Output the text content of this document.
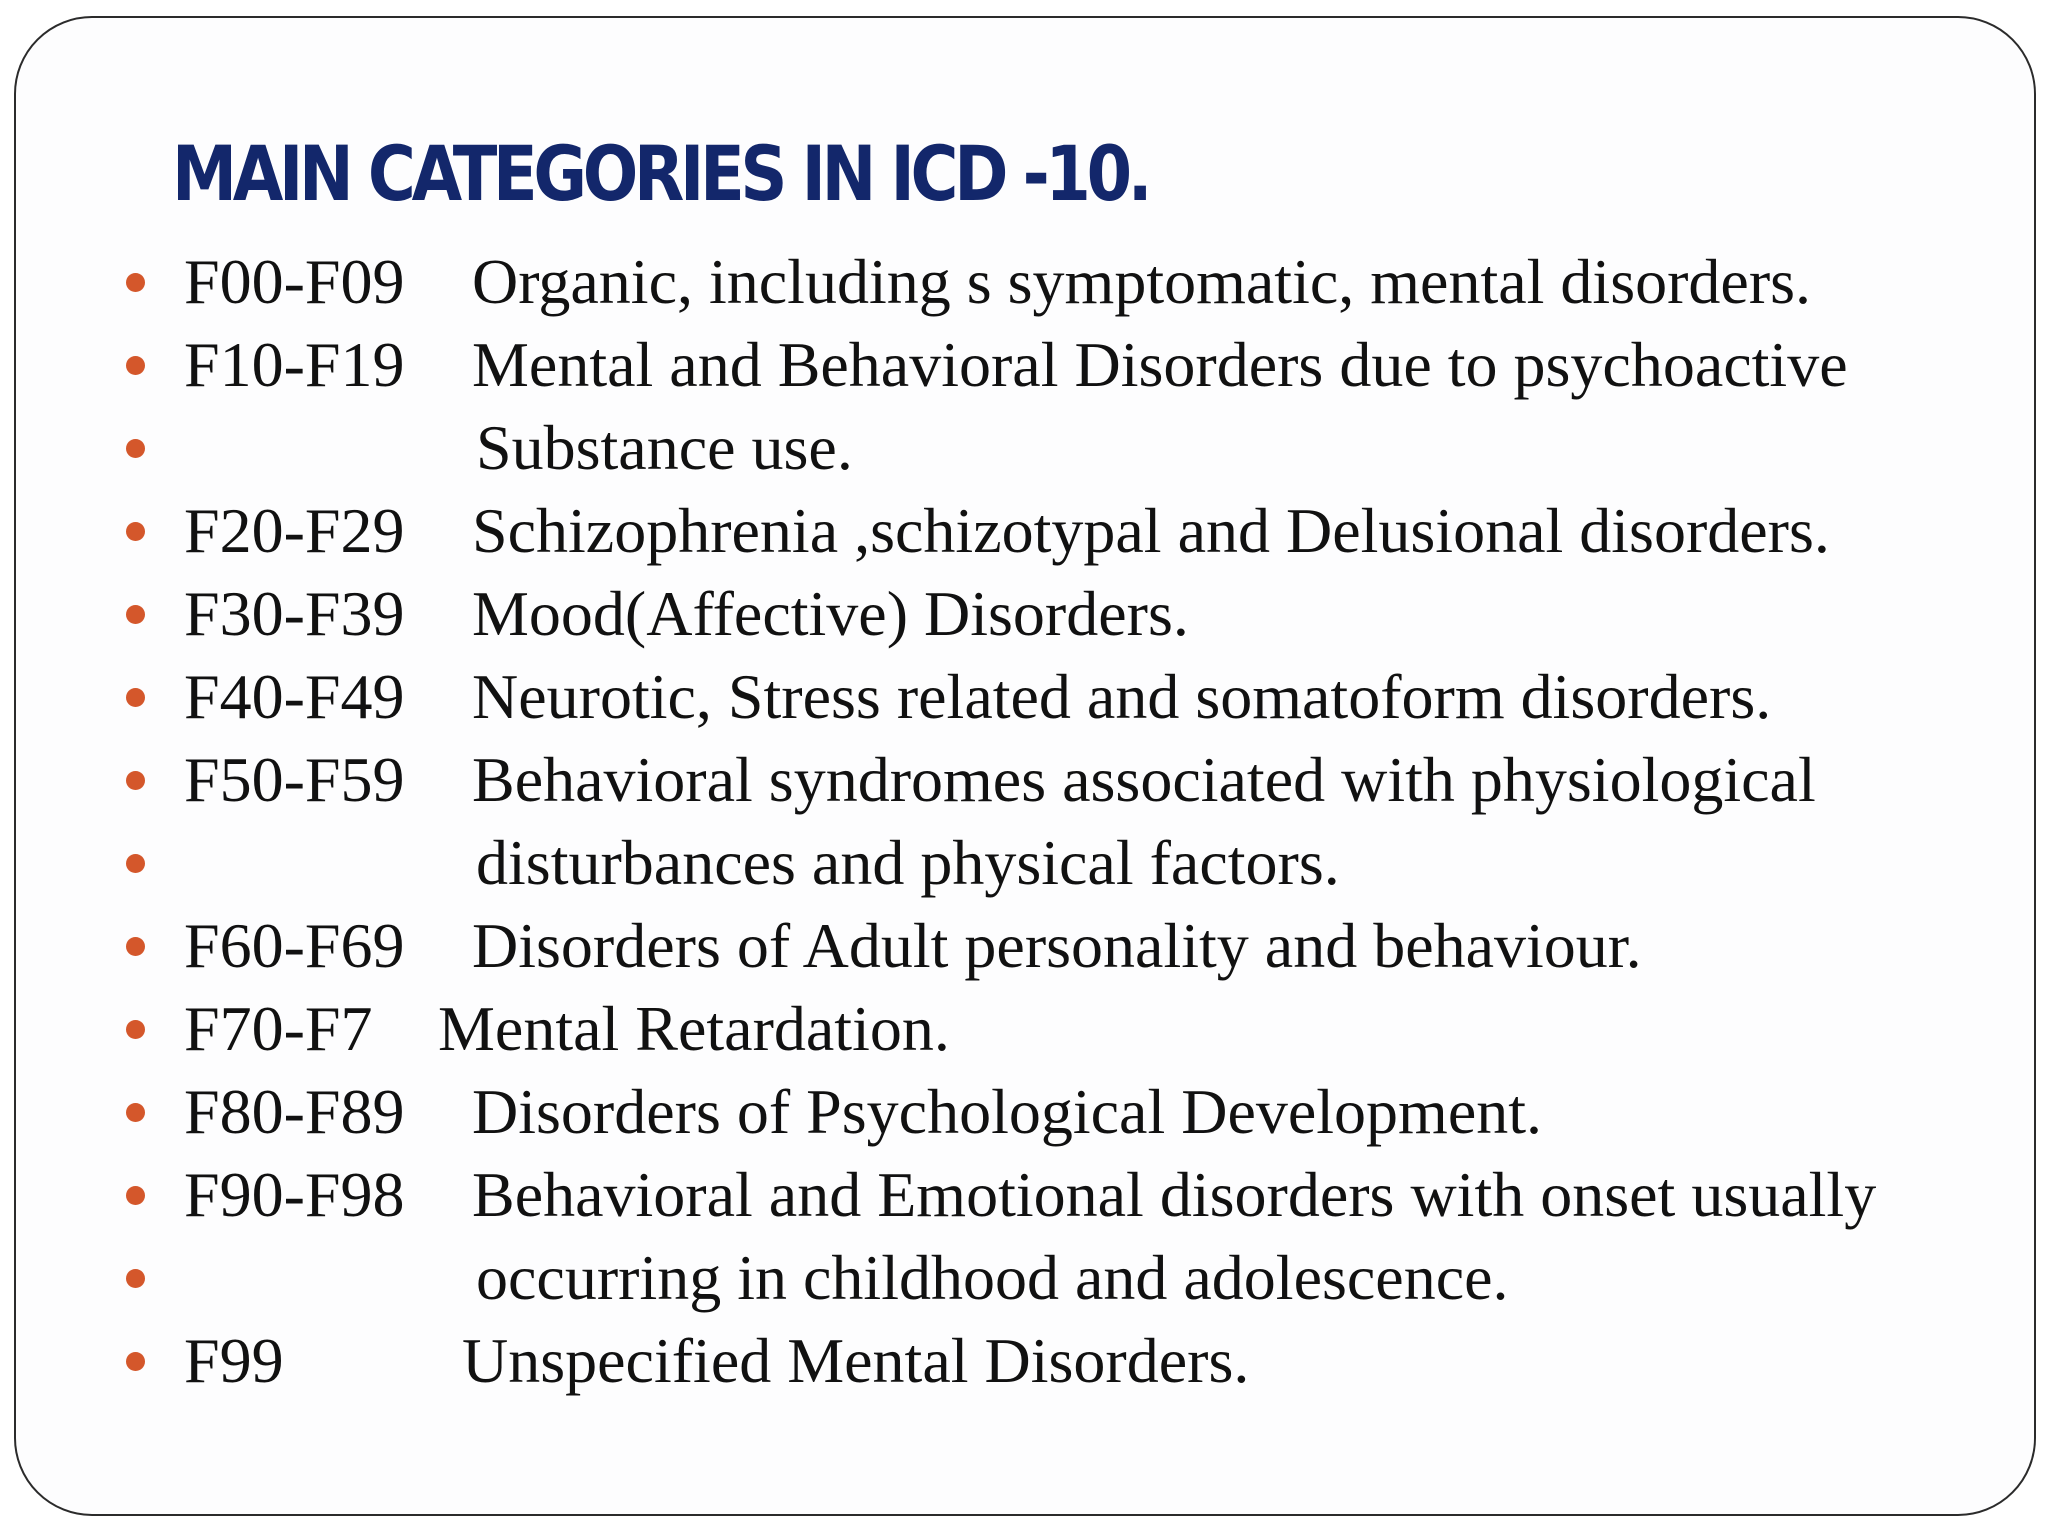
MAIN CATEGORIES IN ICD -10.
F00-F09 Organic, including s symptomatic, mental disorders.
F10-F19 Mental and Behavioral Disorders due to psychoactive
Substance use.
F20-F29 Schizophrenia ,schizotypal and Delusional disorders.
F30-F39 Mood(Affective) Disorders.
F40-F49 Neurotic, Stress related and somatoform disorders.
F50-F59 Behavioral syndromes associated with physiological
disturbances and physical factors.
F60-F69 Disorders of Adult personality and behaviour.
F70-F7 Mental Retardation.
F80-F89 Disorders of Psychological Development.
F90-F98 Behavioral and Emotional disorders with onset usually
occurring in childhood and adolescence.
F99	Unspecified Mental Disorders.
